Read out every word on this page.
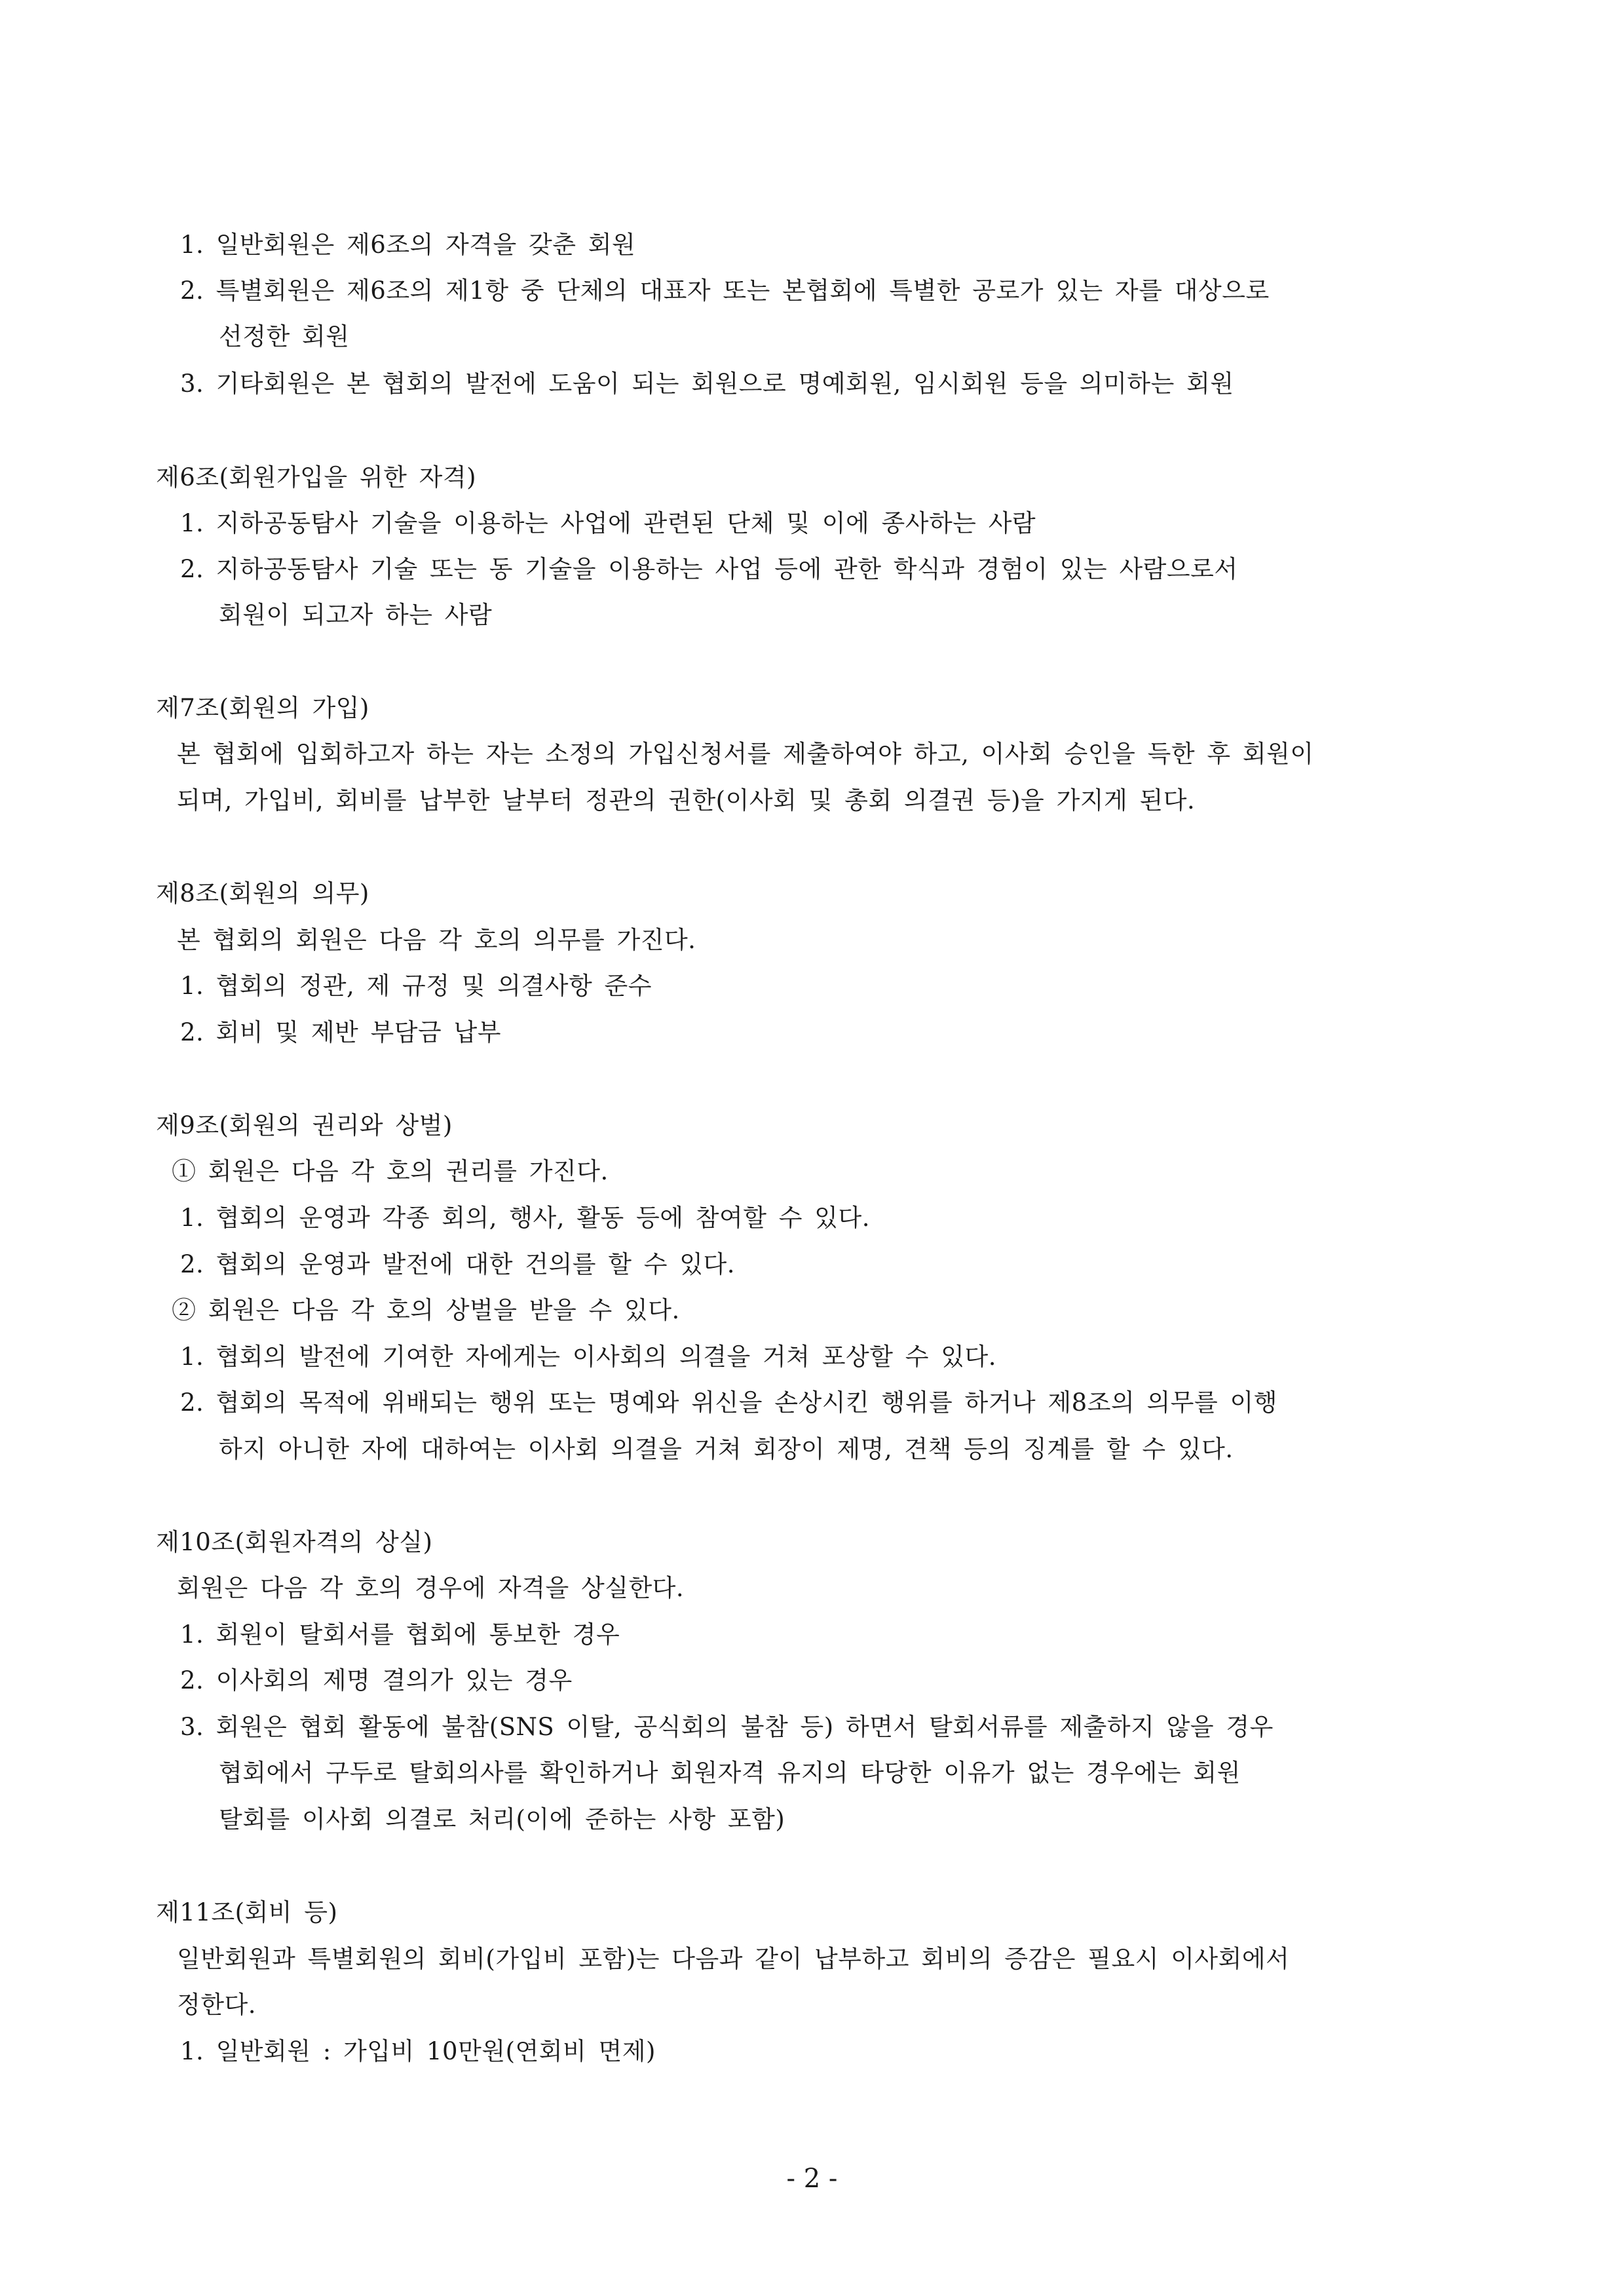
1. 일반회원은 제6조의 자격을 갖춘 회원
2. 특별회원은 제6조의 제1항 중 단체의 대표자 또는 본협회에 특별한 공로가 있는 자를 대상으로
선정한 회원
3. 기타회원은 본 협회의 발전에 도움이 되는 회원으로 명예회원, 임시회원 등을 의미하는 회원
제6조(회원가입을 위한 자격)
1. 지하공동탐사 기술을 이용하는 사업에 관련된 단체 및 이에 종사하는 사람
2. 지하공동탐사 기술 또는 동 기술을 이용하는 사업 등에 관한 학식과 경험이 있는 사람으로서
회원이 되고자 하는 사람
제7조(회원의 가입)
본 협회에 입회하고자 하는 자는 소정의 가입신청서를 제출하여야 하고, 이사회 승인을 득한 후 회원이
되며, 가입비, 회비를 납부한 날부터 정관의 권한(이사회 및 총회 의결권 등)을 가지게 된다.
제8조(회원의 의무)
본 협회의 회원은 다음 각 호의 의무를 가진다.
1. 협회의 정관, 제 규정 및 의결사항 준수
2. 회비 및 제반 부담금 납부
제9조(회원의 권리와 상벌)
① 회원은 다음 각 호의 권리를 가진다.
1. 협회의 운영과 각종 회의, 행사, 활동 등에 참여할 수 있다.
2. 협회의 운영과 발전에 대한 건의를 할 수 있다.
② 회원은 다음 각 호의 상벌을 받을 수 있다.
1. 협회의 발전에 기여한 자에게는 이사회의 의결을 거쳐 포상할 수 있다.
2. 협회의 목적에 위배되는 행위 또는 명예와 위신을 손상시킨 행위를 하거나 제8조의 의무를 이행
하지 아니한 자에 대하여는 이사회 의결을 거쳐 회장이 제명, 견책 등의 징계를 할 수 있다.
제10조(회원자격의 상실)
회원은 다음 각 호의 경우에 자격을 상실한다.
1. 회원이 탈회서를 협회에 통보한 경우
2. 이사회의 제명 결의가 있는 경우
3. 회원은 협회 활동에 불참(SNS 이탈, 공식회의 불참 등) 하면서 탈회서류를 제출하지 않을 경우
협회에서 구두로 탈회의사를 확인하거나 회원자격 유지의 타당한 이유가 없는 경우에는 회원
탈회를 이사회 의결로 처리(이에 준하는 사항 포함)
제11조(회비 등)
일반회원과 특별회원의 회비(가입비 포함)는 다음과 같이 납부하고 회비의 증감은 필요시 이사회에서
정한다.
1. 일반회원 : 가입비 10만원(연회비 면제)
- 2 -
